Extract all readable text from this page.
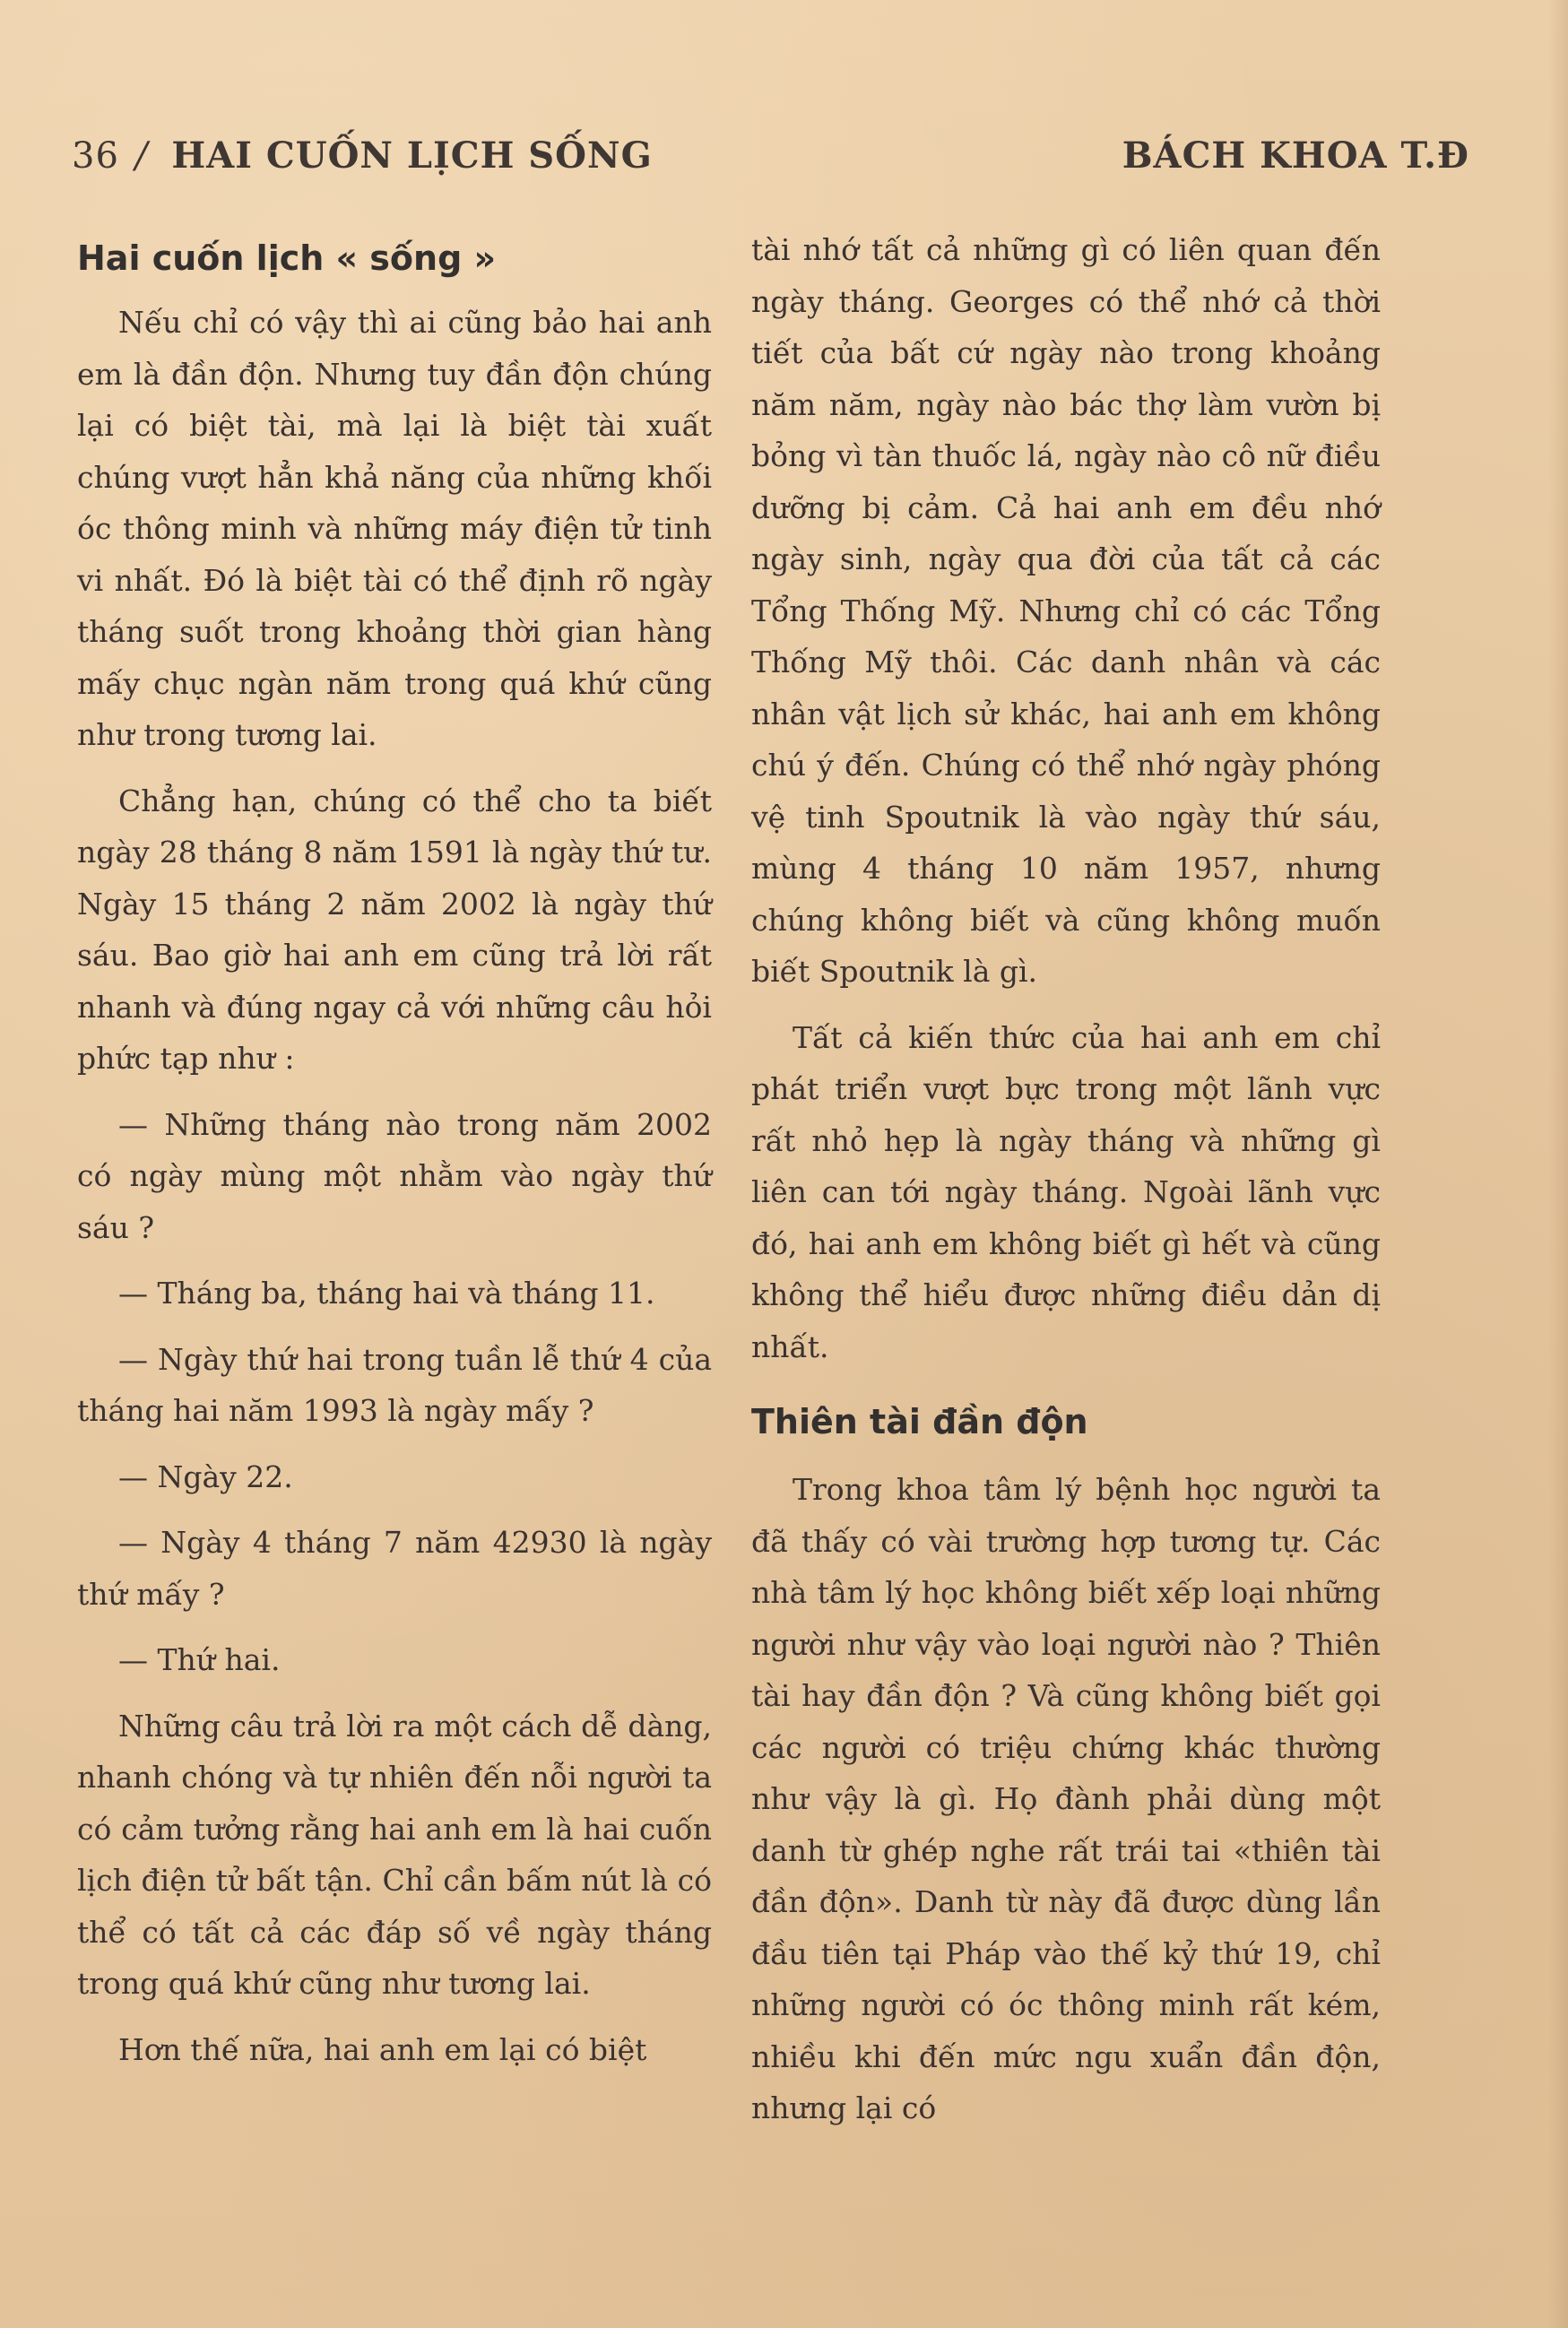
36 / HAI CUỐN LỊCH SỐNG	BÁCH KHOA T.Đ
Hai cuốn lịch « sống »

Nếu chỉ có vậy thì ai cũng bảo hai anh em là đần độn. Nhưng tuy đần độn chúng lại có biệt tài, mà lại là biệt tài xuất chúng vượt hẳn khả năng của những khối óc thông minh và những máy điện tử tinh vi nhất. Đó là biệt tài có thể định rõ ngày tháng suốt trong khoảng thời gian hàng mấy chục ngàn năm trong quá khứ cũng như trong tương lai.

Chẳng hạn, chúng có thể cho ta biết ngày 28 tháng 8 năm 1591 là ngày thứ tư. Ngày 15 tháng 2 năm 2002 là ngày thứ sáu. Bao giờ hai anh em cũng trả lời rất nhanh và đúng ngay cả với những câu hỏi phức tạp như :

— Những tháng nào trong năm 2002 có ngày mùng một nhằm vào ngày thứ sáu ?

— Tháng ba, tháng hai và tháng 11.

— Ngày thứ hai trong tuần lễ thứ 4 của tháng hai năm 1993 là ngày mấy ?

— Ngày 22.

— Ngày 4 tháng 7 năm 42930 là ngày thứ mấy ?

— Thứ hai.

Những câu trả lời ra một cách dễ dàng, nhanh chóng và tự nhiên đến nỗi người ta có cảm tưởng rằng hai anh em là hai cuốn lịch điện tử bất tận. Chỉ cần bấm nút là có thể có tất cả các đáp số về ngày tháng trong quá khứ cũng như tương lai.

Hơn thế nữa, hai anh em lại có biệt

tài nhớ tất cả những gì có liên quan đến ngày tháng. Georges có thể nhớ cả thời tiết của bất cứ ngày nào trong khoảng năm năm, ngày nào bác thợ làm vườn bị bỏng vì tàn thuốc lá, ngày nào cô nữ điều dưỡng bị cảm. Cả hai anh em đều nhớ ngày sinh, ngày qua đời của tất cả các Tổng Thống Mỹ. Nhưng chỉ có các Tổng Thống Mỹ thôi. Các danh nhân và các nhân vật lịch sử khác, hai anh em không chú ý đến. Chúng có thể nhớ ngày phóng vệ tinh Spoutnik là vào ngày thứ sáu, mùng 4 tháng 10 năm 1957, nhưng chúng không biết và cũng không muốn biết Spoutnik là gì.

Tất cả kiến thức của hai anh em chỉ phát triển vượt bực trong một lãnh vực rất nhỏ hẹp là ngày tháng và những gì liên can tới ngày tháng. Ngoài lãnh vực đó, hai anh em không biết gì hết và cũng không thể hiểu được những điều dản dị nhất.

Thiên tài đần độn

Trong khoa tâm lý bệnh học người ta đã thấy có vài trường hợp tương tự. Các nhà tâm lý học không biết xếp loại những người như vậy vào loại người nào ? Thiên tài hay đần độn ? Và cũng không biết gọi các người có triệu chứng khác thường như vậy là gì. Họ đành phải dùng một danh từ ghép nghe rất trái tai «thiên tài đần độn». Danh từ này đã được dùng lần đầu tiên tại Pháp vào thế kỷ thứ 19, chỉ những người có óc thông minh rất kém, nhiều khi đến mức ngu xuẩn đần độn, nhưng lại có
